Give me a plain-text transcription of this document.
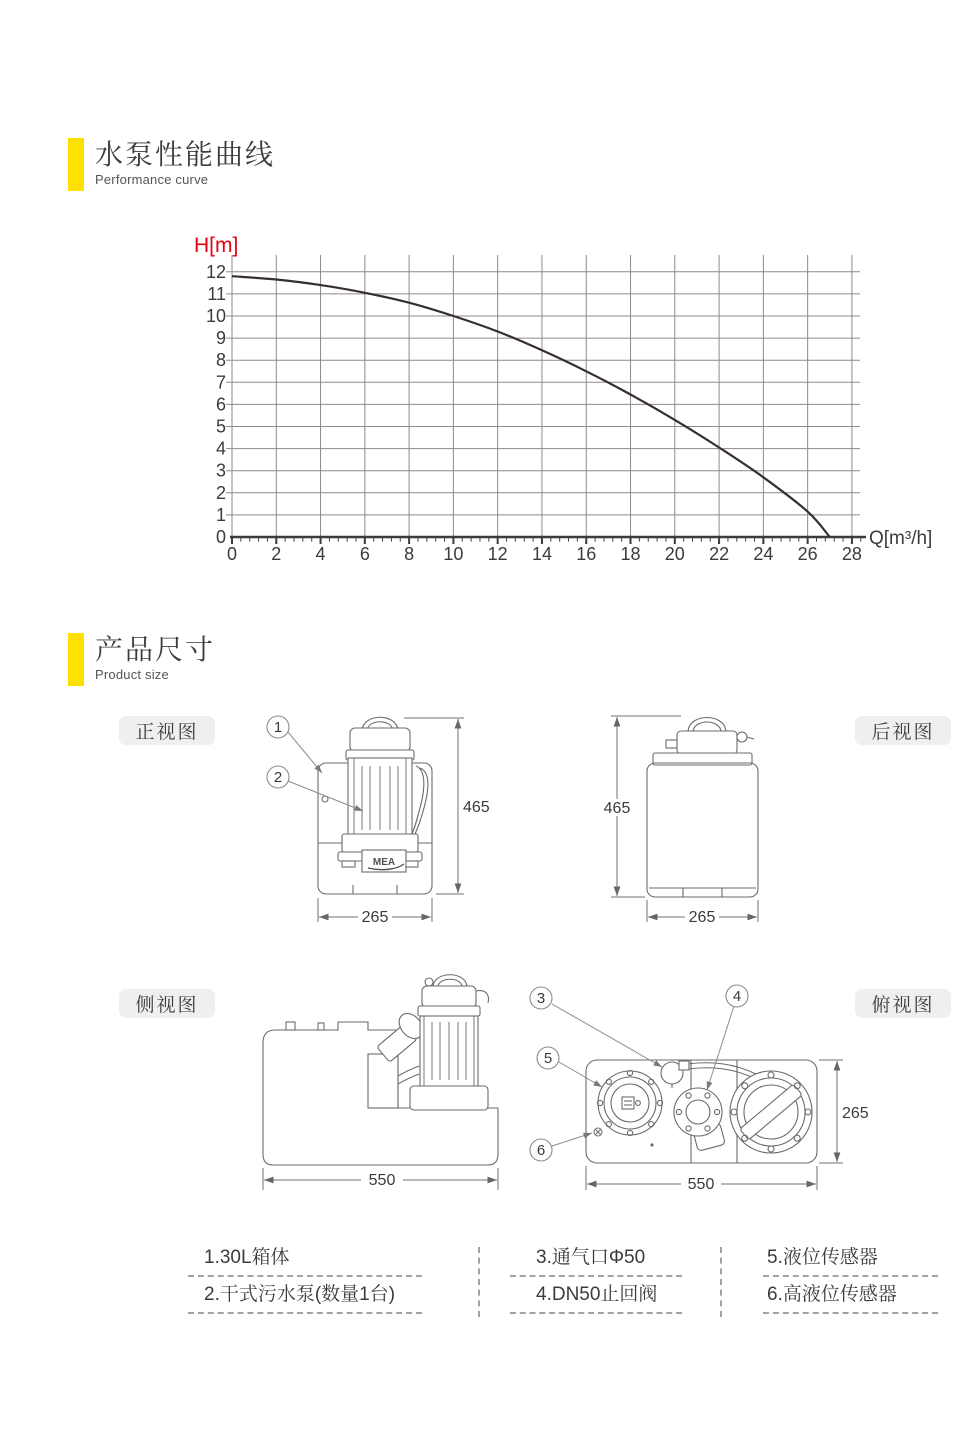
水泵性能曲线
Performance curve
0 2 4 6 8 10 12 14 16 18 20 22 24 26 28
0
1
2
3
4
5
6
7
8
9
10
11
12
H[m]
Q[m³/h]
产品尺寸
Product size
正视图	后视图
侧视图	俯视图
MEA
1
2
465
265
465
265
550
3	4
5
6
265
550
1.30L箱体
2.干式污水泵(数量1台)
3.通气口Φ50
4.DN50止回阀
5.液位传感器
6.高液位传感器
